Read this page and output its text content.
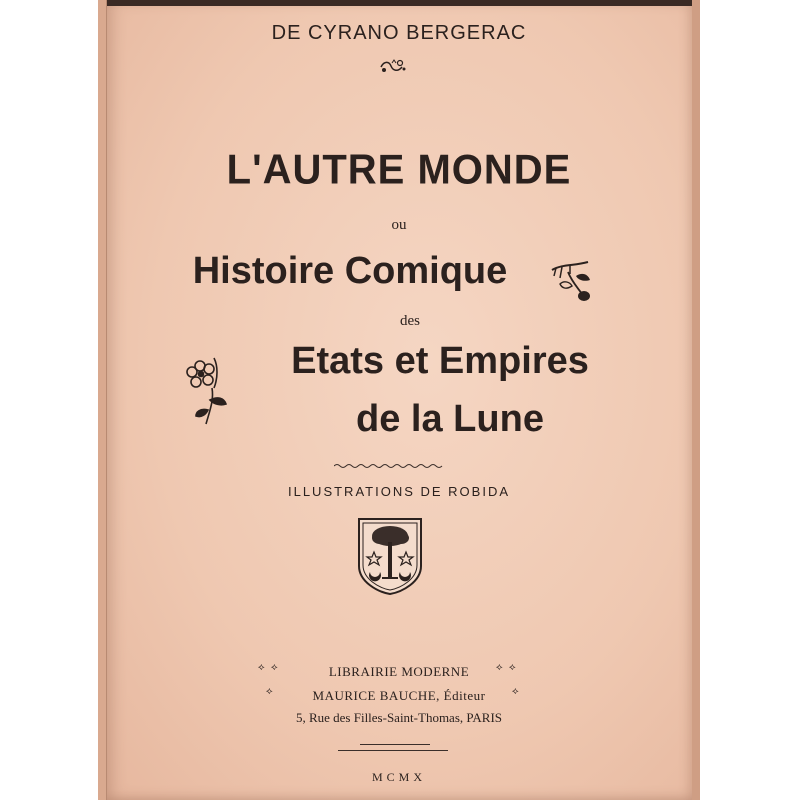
DE CYRANO BERGERAC
L'AUTRE MONDE
ou
Histoire Comique
des
Etats et Empires
de la Lune
ILLUSTRATIONS DE ROBIDA
⟡  ⟡	⟡  ⟡
LIBRAIRIE MODERNE
⟡	⟡
MAURICE BAUCHE, Éditeur
5, Rue des Filles-Saint-Thomas, PARIS
MCMX
